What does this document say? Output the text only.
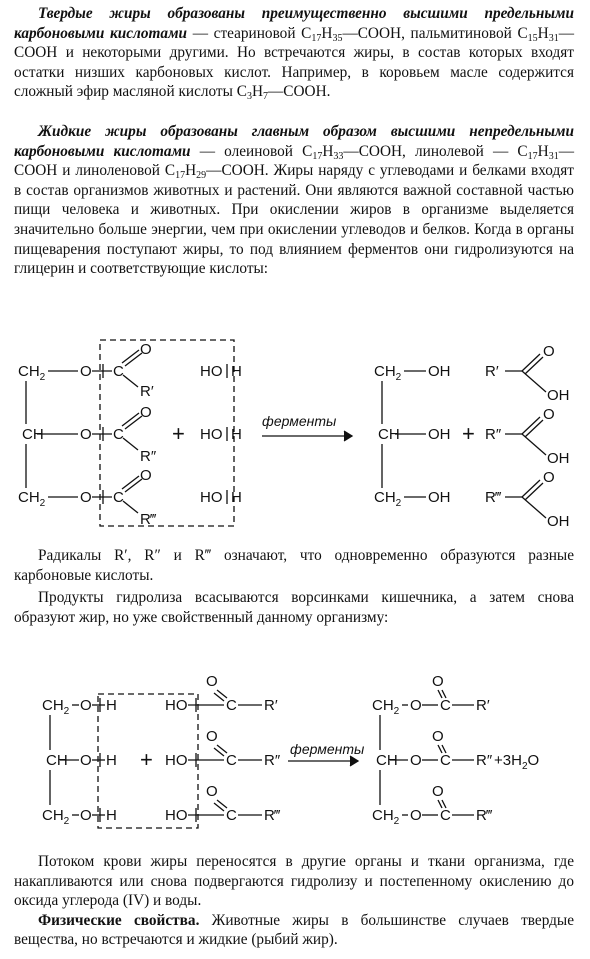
Твердые жиры образованы преимущественно высшими предельными карбоновыми кислотами — стеариновой $C_{17}H_{35}—COOH$, пальмитиновой $C_{15}H_{31}—COOH$ и некоторыми другими. Но встречаются жиры, в состав которых входят остатки низших карбоновых кислот. Например, в коровьем масле содержится сложный эфир масляной кислоты $C_3H_7—COOH$.

Жидкие жиры образованы главным образом высшими непредельными карбоновыми кислотами — олеиновой $C_{17}H_{33}—COOH$, линолевой — $C_{17}H_{31}—COOH$ и линоленовой $C_{17}H_{29}—COOH$. Жиры наряду с углеводами и белками входят в состав организмов животных и растений. Они являются важной составной частью пищи человека и животных. При окислении жиров в организме выделяется значительно больше энергии, чем при окислении углеводов и белков. Когда в органы пищеварения поступают жиры, то под влиянием ферментов они гидролизуются на глицерин и соответствующие кислоты:

$CH_2$
CH
$CH_2$
O
O
O
C
C
C
O
O
O
R′
R″
R‴
+
HO H
HO H
HO H
ферменты
$CH_2$ OH
CH OH
$CH_2$ OH
+
R′
O
OH
R″
O
OH
R‴
O
OH

Радикалы R′, R″ и R‴ означают, что одновременно образуются разные карбоновые кислоты.

Продукты гидролиза всасываются ворсинками кишечника, а затем снова образуют жир, но уже свойственный данному организму:

$CH_2$ O H
CH O H
$CH_2$ O H
+
HO
HO
HO
C
C
C
O
O
O
R′
R″
R‴
ферменты
$CH_2$ O C
O
R′
CH O C
O
$R'' +3H_2O$
$CH_2$ O C
O
R‴

Потоком крови жиры переносятся в другие органы и ткани организма, где накапливаются или снова подвергаются гидролизу и постепенному окислению до оксида углерода (IV) и воды.
Физические свойства. Животные жиры в большинстве случаев твердые вещества, но встречаются и жидкие (рыбий жир).
